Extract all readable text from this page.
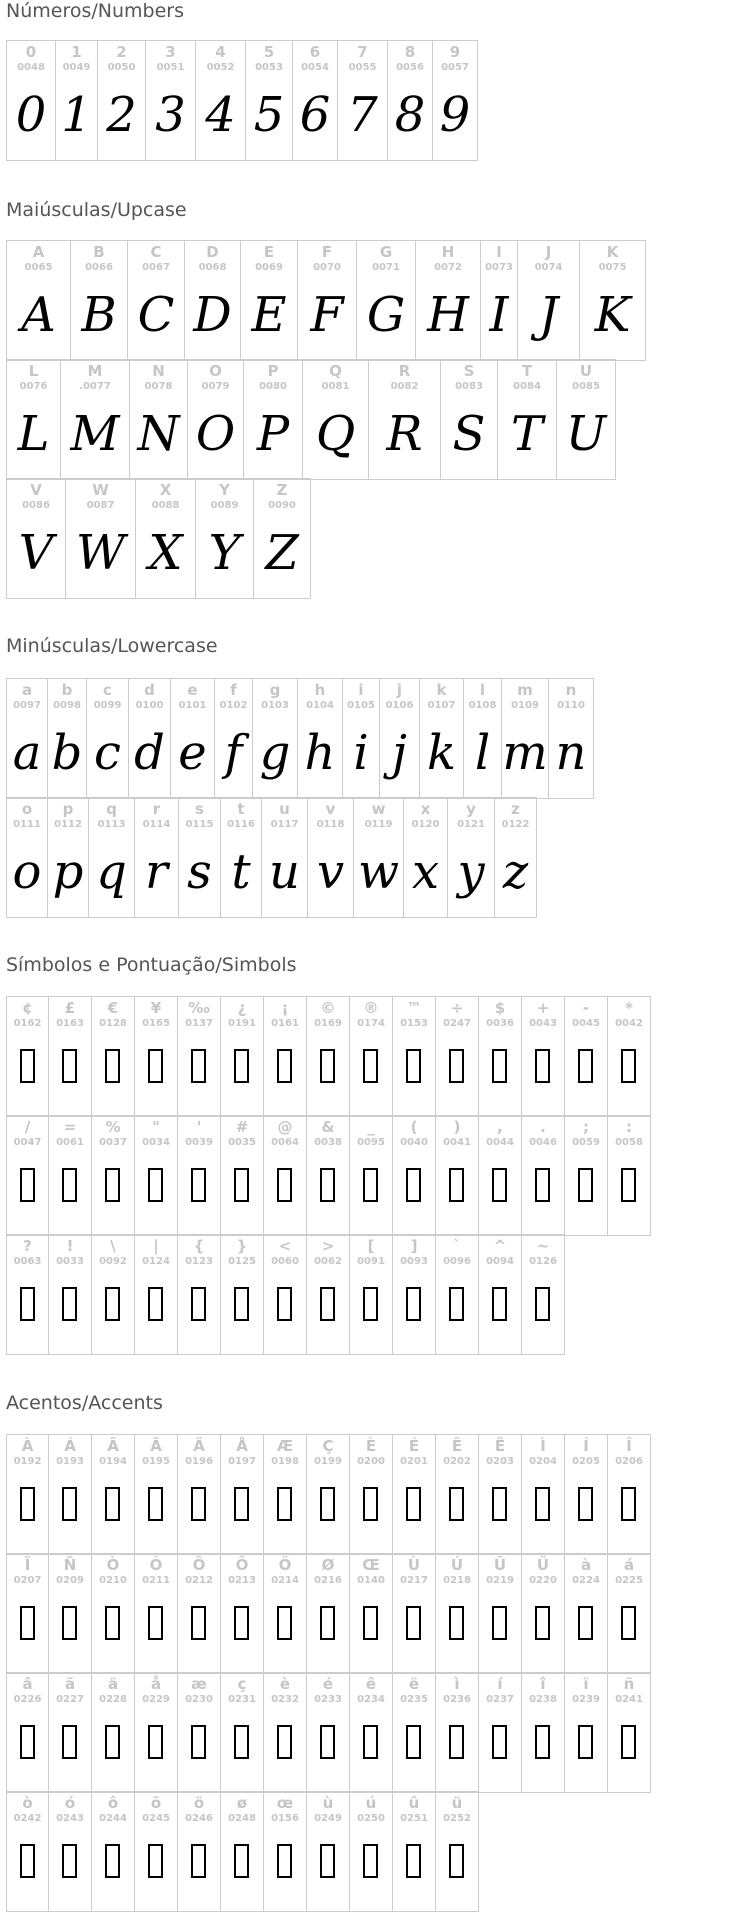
Números/Numbers
0
0048
0
1
0049
1
2
0050
2
3
0051
3
4
0052
4
5
0053
5
6
0054
6
7
0055
7
8
0056
8
9
0057
9
Maiúsculas/Upcase
A
0065
A
B
0066
B
C
0067
C
D
0068
D
E
0069
E
F
0070
F
G
0071
G
H
0072
H
I
0073
I
J
0074
J
K
0075
K
L
0076
L
M
.0077
M
N
0078
N
O
0079
O
P
0080
P
Q
0081
Q
R
0082
R
S
0083
S
T
0084
T
U
0085
U
V
0086
V
W
0087
W
X
0088
X
Y
0089
Y
Z
0090
Z
Minúsculas/Lowercase
a
0097
a
b
0098
b
c
0099
c
d
0100
d
e
0101
e
f
0102
f
g
0103
g
h
0104
h
i
0105
i
j
0106
j
k
0107
k
l
0108
l
m
0109
m
n
0110
n
o
0111
o
p
0112
p
q
0113
q
r
0114
r
s
0115
s
t
0116
t
u
0117
u
v
0118
v
w
0119
w
x
0120
x
y
0121
y
z
0122
z
Símbolos e Pontuação/Simbols
¢
0162
£
0163
€
0128
¥
0165
‰
0137
¿
0191
¡
0161
©
0169
®
0174
™
0153
÷
0247
$
0036
+
0043
-
0045
*
0042
/
0047
=
0061
%
0037
"
0034
'
0039
#
0035
@
0064
&
0038
_
0095
(
0040
)
0041
,
0044
.
0046
;
0059
:
0058
?
0063
!
0033
\
0092
|
0124
{
0123
}
0125
<
0060
>
0062
[
0091
]
0093
`
0096
^
0094
~
0126
Acentos/Accents
À
0192
Á
0193
Â
0194
Ã
0195
Ä
0196
Å
0197
Æ
0198
Ç
0199
È
0200
É
0201
Ê
0202
Ë
0203
Ì
0204
Í
0205
Î
0206
Ï
0207
Ñ
0209
Ò
0210
Ó
0211
Ô
0212
Õ
0213
Ö
0214
Ø
0216
Œ
0140
Ù
0217
Ú
0218
Û
0219
Ü
0220
à
0224
á
0225
â
0226
ã
0227
ä
0228
å
0229
æ
0230
ç
0231
è
0232
é
0233
ê
0234
ë
0235
ì
0236
í
0237
î
0238
ï
0239
ñ
0241
ò
0242
ó
0243
ô
0244
õ
0245
ö
0246
ø
0248
œ
0156
ù
0249
ú
0250
û
0251
ü
0252
